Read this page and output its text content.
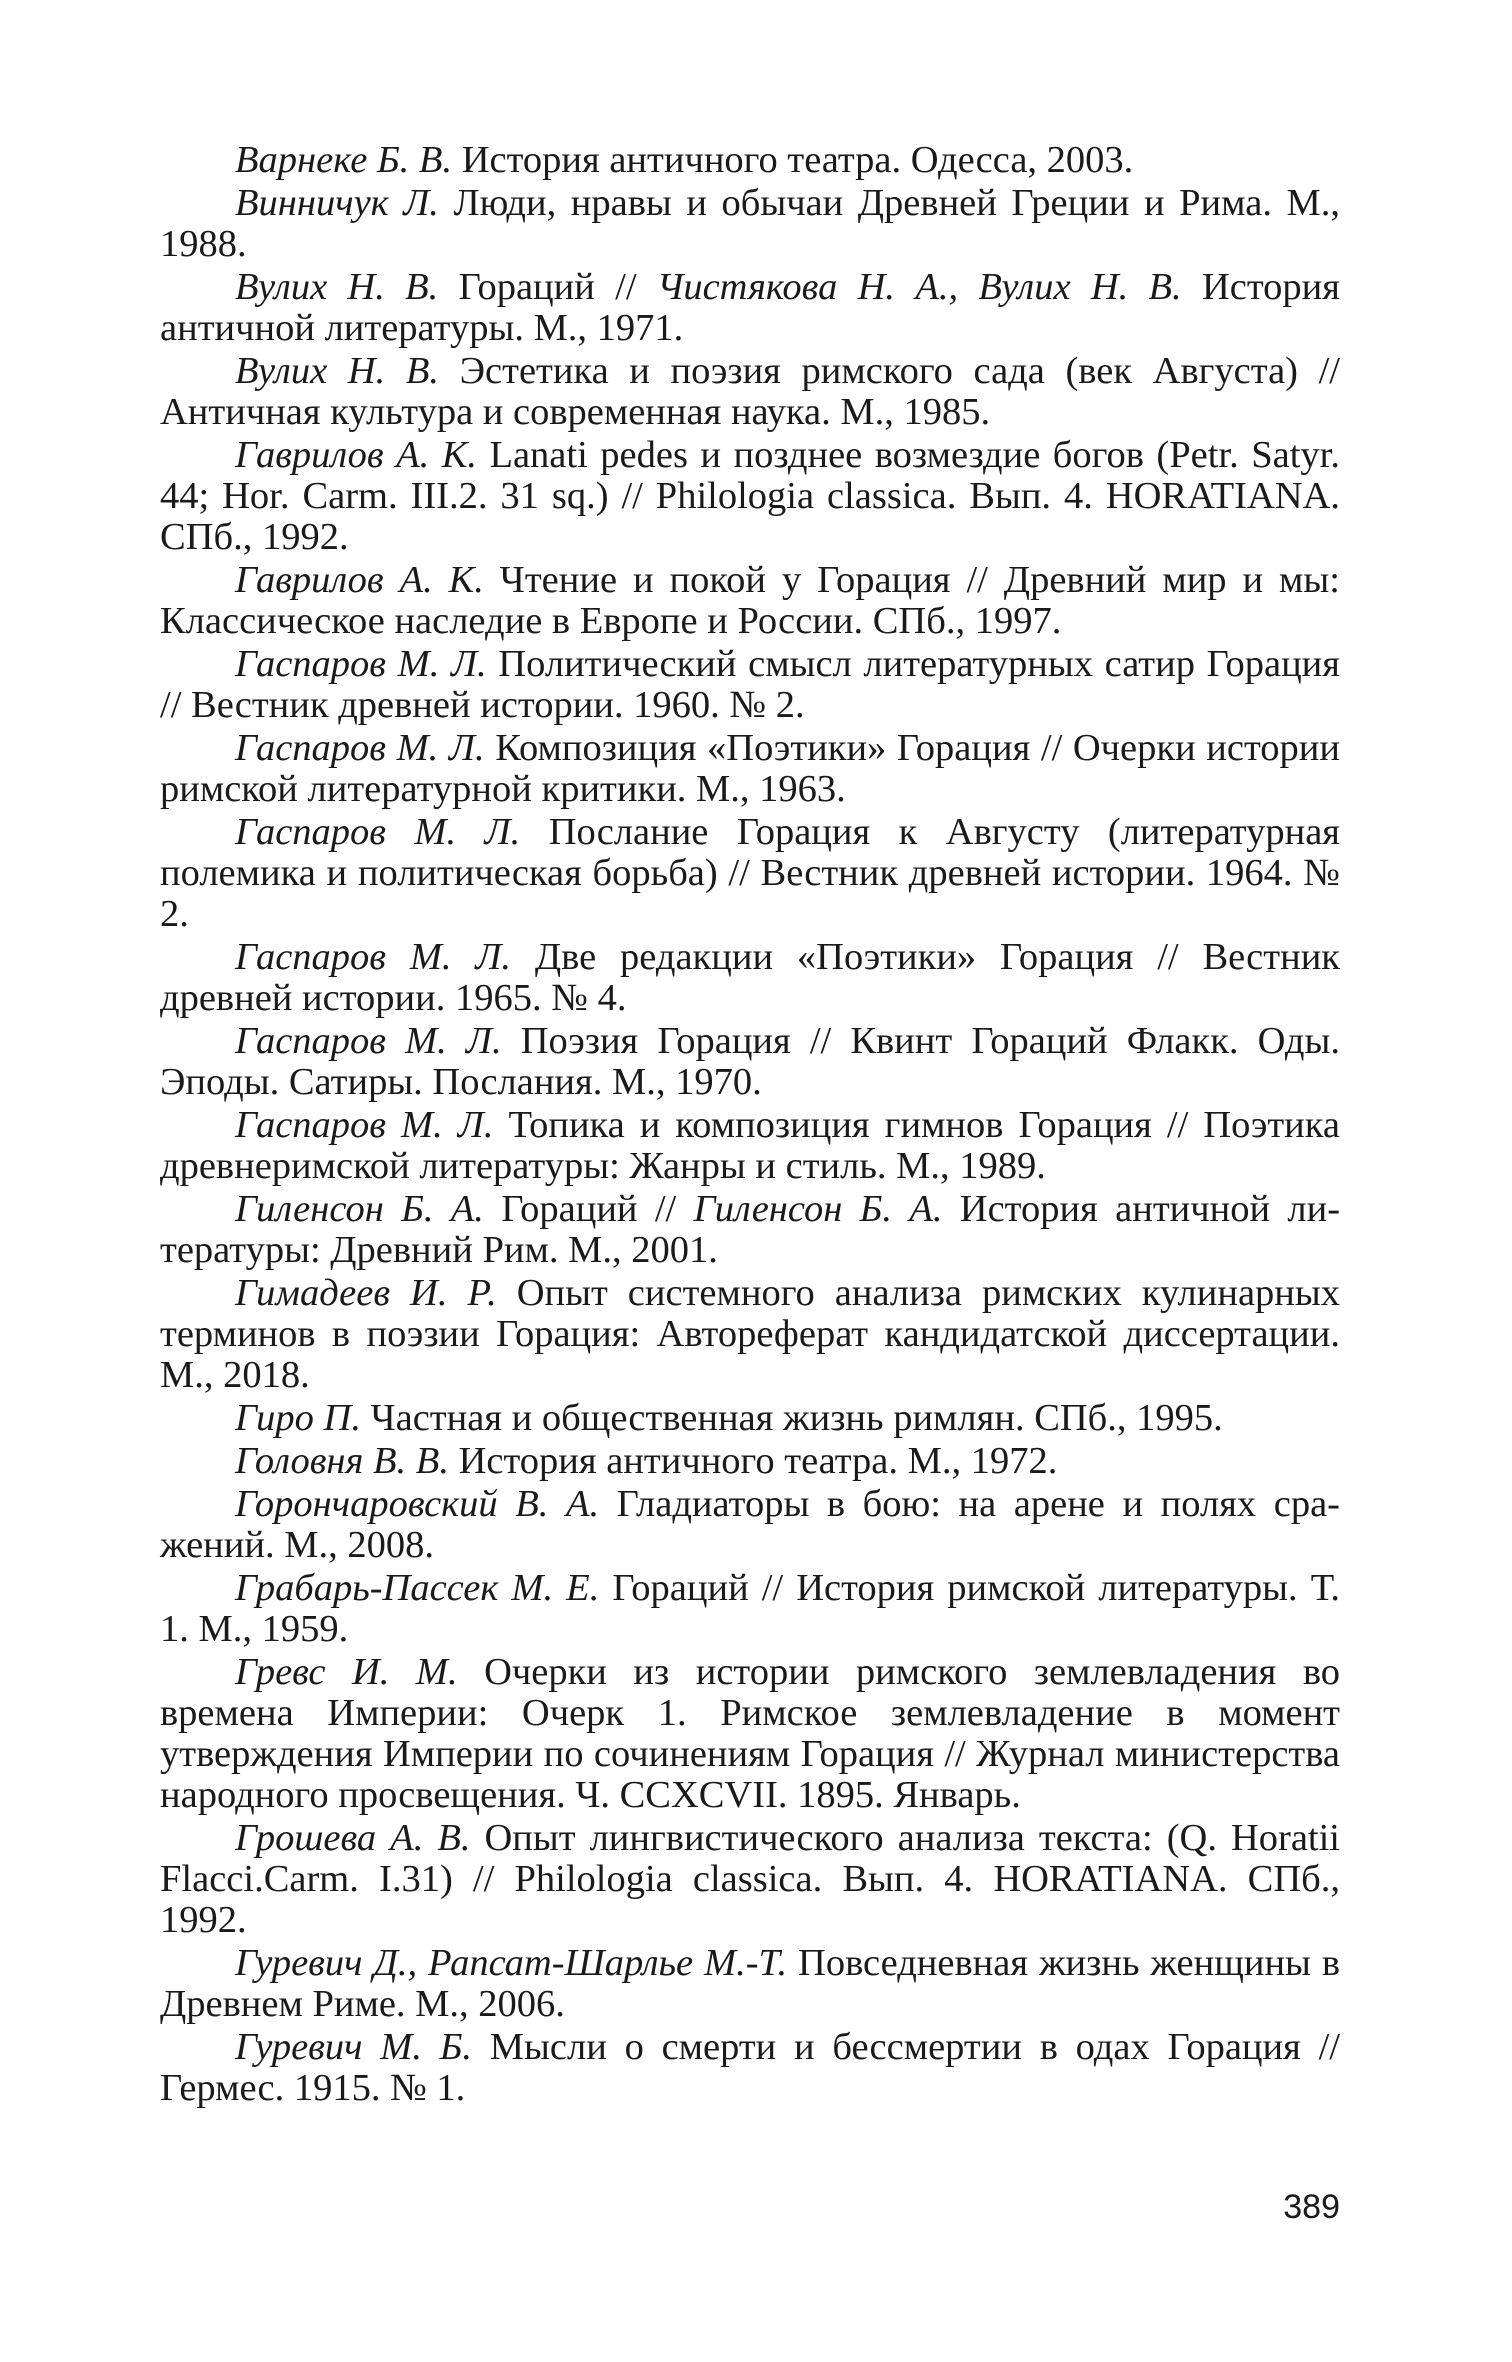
Варнеке Б. В. История античного театра. Одесса, 2003.

Винничук Л. Люди, нравы и обычаи Древней Греции и Рима. М., 1988.

Вулих Н. В. Гораций // Чистякова Н. А., Вулих Н. В. История античной литературы. М., 1971.

Вулих Н. В. Эстетика и поэзия римского сада (век Августа) // Античная культура и современная наука. М., 1985.

Гаврилов А. К. Lanati pedes и позднее возмездие богов (Petr. Satyr. 44; Hor. Carm. III.2. 31 sq.) // Philologia classica. Вып. 4. HORATIANA. СПб., 1992.

Гаврилов А. К. Чтение и покой у Горация // Древний мир и мы: Классическое наследие в Европе и России. СПб., 1997.

Гаспаров М. Л. Политический смысл литературных сатир Горация // Вестник древней истории. 1960. № 2.

Гаспаров М. Л. Композиция «Поэтики» Горация // Очерки истории римской литературной критики. М., 1963.

Гаспаров М. Л. Послание Горация к Августу (литературная полемика и политическая борьба) // Вестник древней истории. 1964. № 2.

Гаспаров М. Л. Две редакции «Поэтики» Горация // Вестник древней истории. 1965. № 4.

Гаспаров М. Л. Поэзия Горация // Квинт Гораций Флакк. Оды. Эподы. Сатиры. Послания. М., 1970.

Гаспаров М. Л. Топика и композиция гимнов Горация // Поэтика древнеримской литературы: Жанры и стиль. М., 1989.

Гиленсон Б. А. Гораций // Гиленсон Б. А. История античной литературы: Древний Рим. М., 2001.

Гимадеев И. Р. Опыт системного анализа римских кулинарных терминов в поэзии Горация: Автореферат кандидатской диссертации. М., 2018.

Гиро П. Частная и общественная жизнь римлян. СПб., 1995.

Головня В. В. История античного театра. М., 1972.

Горончаровский В. А. Гладиаторы в бою: на арене и полях сражений. М., 2008.

Грабарь-Пассек М. Е. Гораций // История римской литературы. Т. 1. М., 1959.

Гревс И. М. Очерки из истории римского землевладения во времена Империи: Очерк 1. Римское землевладение в момент утверждения Империи по сочинениям Горация // Журнал министерства народного просвещения. Ч. CCXCVII. 1895. Январь.

Грошева А. В. Опыт лингвистического анализа текста: (Q. Horatii Flacci.Carm. I.31) // Philologia classica. Вып. 4. HORATIANA. СПб., 1992.

Гуревич Д., Рапсат-Шарлье М.-Т. Повседневная жизнь женщины в Древнем Риме. М., 2006.

Гуревич М. Б. Мысли о смерти и бессмертии в одах Горация // Гермес. 1915. № 1.

389
